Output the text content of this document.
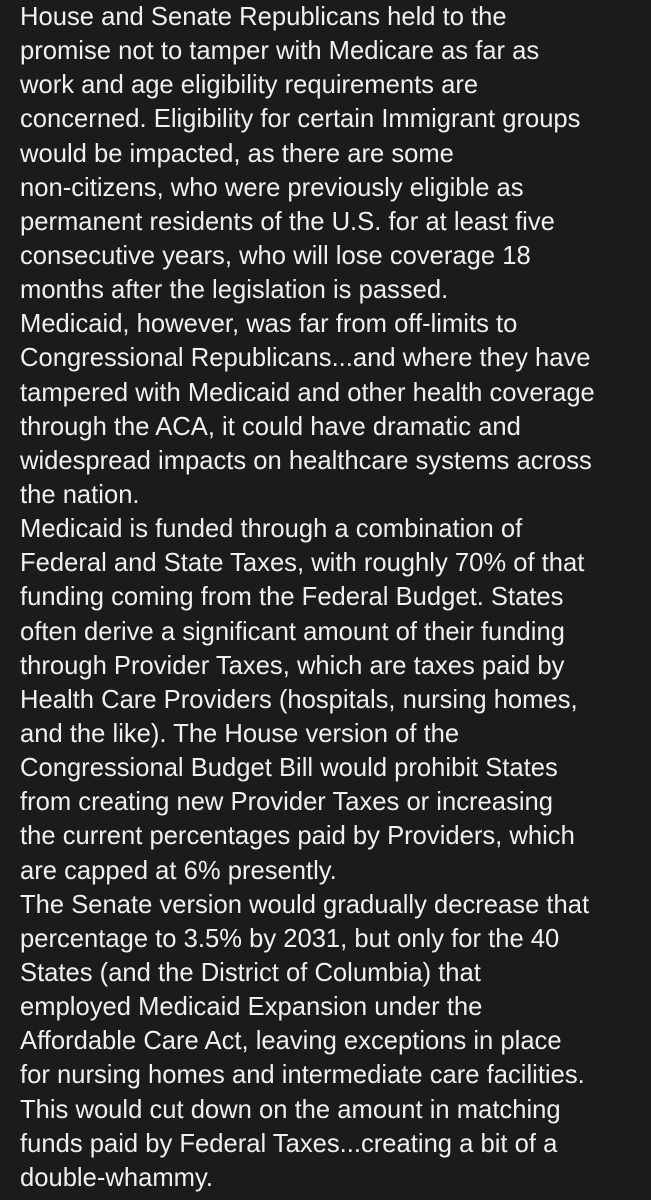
House and Senate Republicans held to the
promise not to tamper with Medicare as far as
work and age eligibility requirements are
concerned. Eligibility for certain Immigrant groups
would be impacted, as there are some
non-citizens, who were previously eligible as
permanent residents of the U.S. for at least five
consecutive years, who will lose coverage 18
months after the legislation is passed.
Medicaid, however, was far from off-limits to
Congressional Republicans...and where they have
tampered with Medicaid and other health coverage
through the ACA, it could have dramatic and
widespread impacts on healthcare systems across
the nation.
Medicaid is funded through a combination of
Federal and State Taxes, with roughly 70% of that
funding coming from the Federal Budget. States
often derive a significant amount of their funding
through Provider Taxes, which are taxes paid by
Health Care Providers (hospitals, nursing homes,
and the like). The House version of the
Congressional Budget Bill would prohibit States
from creating new Provider Taxes or increasing
the current percentages paid by Providers, which
are capped at 6% presently.
The Senate version would gradually decrease that
percentage to 3.5% by 2031, but only for the 40
States (and the District of Columbia) that
employed Medicaid Expansion under the
Affordable Care Act, leaving exceptions in place
for nursing homes and intermediate care facilities.
This would cut down on the amount in matching
funds paid by Federal Taxes...creating a bit of a
double-whammy.
